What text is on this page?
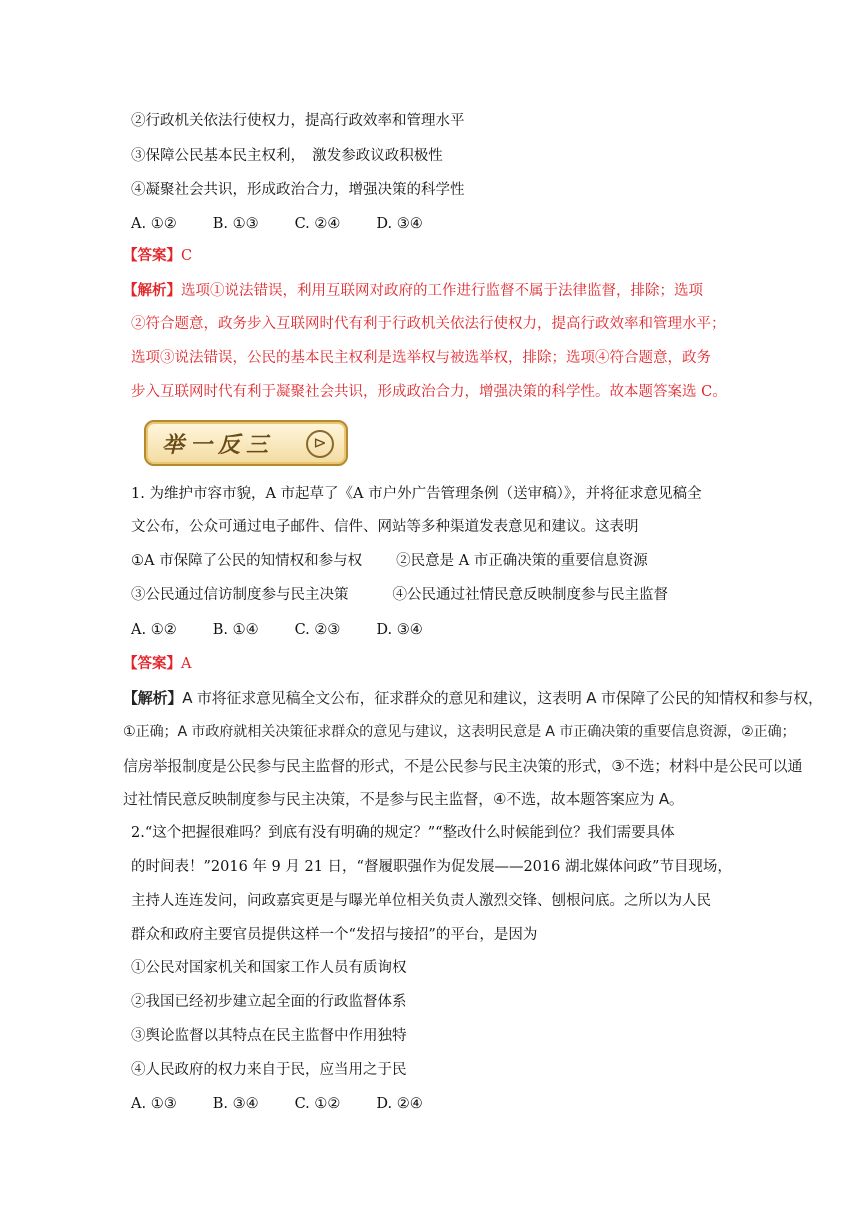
②行政机关依法行使权力，提高行政效率和管理水平
③保障公民基本民主权利，　激发参政议政积极性
④凝聚社会共识，形成政治合力，增强决策的科学性
A. ①② B. ①③ C. ②④ D. ③④
【答案】C
【解析】选项①说法错误，利用互联网对政府的工作进行监督不属于法律监督，排除；选项
②符合题意，政务步入互联网时代有利于行政机关依法行使权力，提高行政效率和管理水平；
选项③说法错误，公民的基本民主权利是选举权与被选举权，排除；选项④符合题意，政务
步入互联网时代有利于凝聚社会共识，形成政治合力，增强决策的科学性。故本题答案选 C。
举一反三	⊳
1. 为维护市容市貌，A 市起草了《A 市户外广告管理条例（送审稿）》，并将征求意见稿全
文公布，公众可通过电子邮件、信件、网站等多种渠道发表意见和建议。这表明
①A 市保障了公民的知情权和参与权 ②民意是 A 市正确决策的重要信息资源
③公民通过信访制度参与民主决策	④公民通过社情民意反映制度参与民主监督
A. ①② B. ①④ C. ②③ D. ③④
【答案】A
【解析】A 市将征求意见稿全文公布，征求群众的意见和建议，这表明 A 市保障了公民的知情权和参与权，
①正确；A 市政府就相关决策征求群众的意见与建议，这表明民意是 A 市正确决策的重要信息资源，②正确；
信房举报制度是公民参与民主监督的形式，不是公民参与民主决策的形式，③不选；材料中是公民可以通
过社情民意反映制度参与民主决策，不是参与民主监督，④不选，故本题答案应为 A。
2.“这个把握很难吗？到底有没有明确的规定？”“整改什么时候能到位？我们需要具体
的时间表！”2016 年 9 月 21 日，“督履职强作为促发展——2016 湖北媒体问政”节目现场，
主持人连连发问，问政嘉宾更是与曝光单位相关负责人激烈交锋、刨根问底。之所以为人民
群众和政府主要官员提供这样一个“发招与接招”的平台，是因为
①公民对国家机关和国家工作人员有质询权
②我国已经初步建立起全面的行政监督体系
③舆论监督以其特点在民主监督中作用独特
④人民政府的权力来自于民，应当用之于民
A. ①③ B. ③④ C. ①② D. ②④
